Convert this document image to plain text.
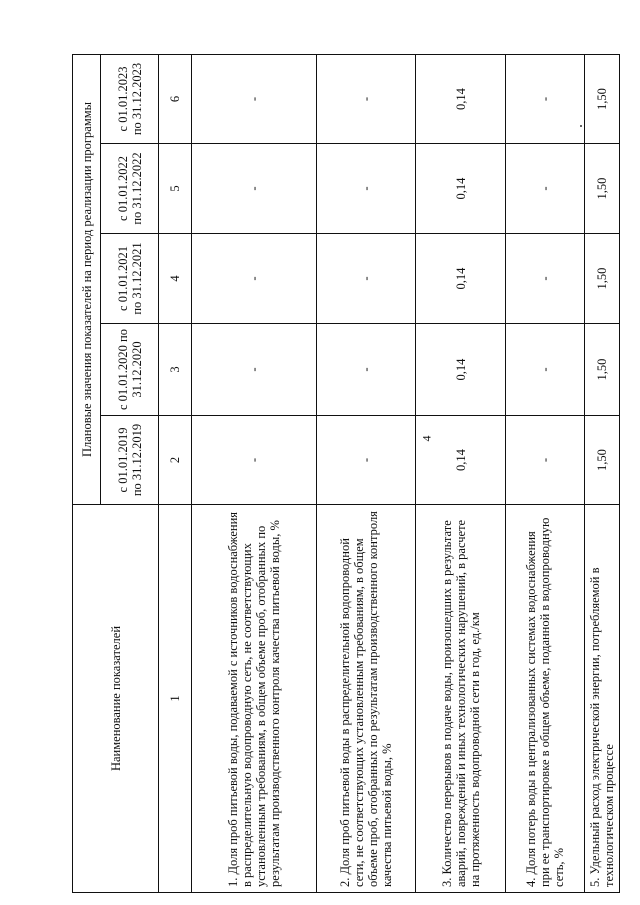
4
Наименование показателей	Плановые значения показателей на период реализации программы				
	с 01.01.2019 по 31.12.2019	с 01.01.2020 по 31.12.2020	с 01.01.2021 по 31.12.2021	с 01.01.2022 по 31.12.2022	с 01.01.2023 по 31.12.2023
1	2	3	4	5	6
1. Доля проб питьевой воды, подаваемой с источников водоснабжения в распределительную водопроводную сеть, не соответствующих установленным требованиям, в общем объеме проб, отобранных по результатам производственного контроля качества питьевой воды, %	-	-	-	-	-
2. Доля проб питьевой воды в распределительной водопроводной сети, не соответствующих установленным требованиям, в общем объеме проб, отобранных по результатам производственного контроля качества питьевой воды, %	-	-	-	-	-
3. Количество перерывов в подаче воды, произошедших в результате аварий, повреждений и иных технологических нарушений, в расчете на протяженность водопроводной сети в год, ед./км	0,14	0,14	0,14	0,14	0,14
4. Доля потерь воды в централизованных системах водоснабжения при ее транспортировке в общем объеме, поданной в водопроводную сеть, %	-	-	-	-	-
5. Удельный расход электрической энергии, потребляемой в технологическом процессе	1,50	1,50	1,50	1,50	1,50
